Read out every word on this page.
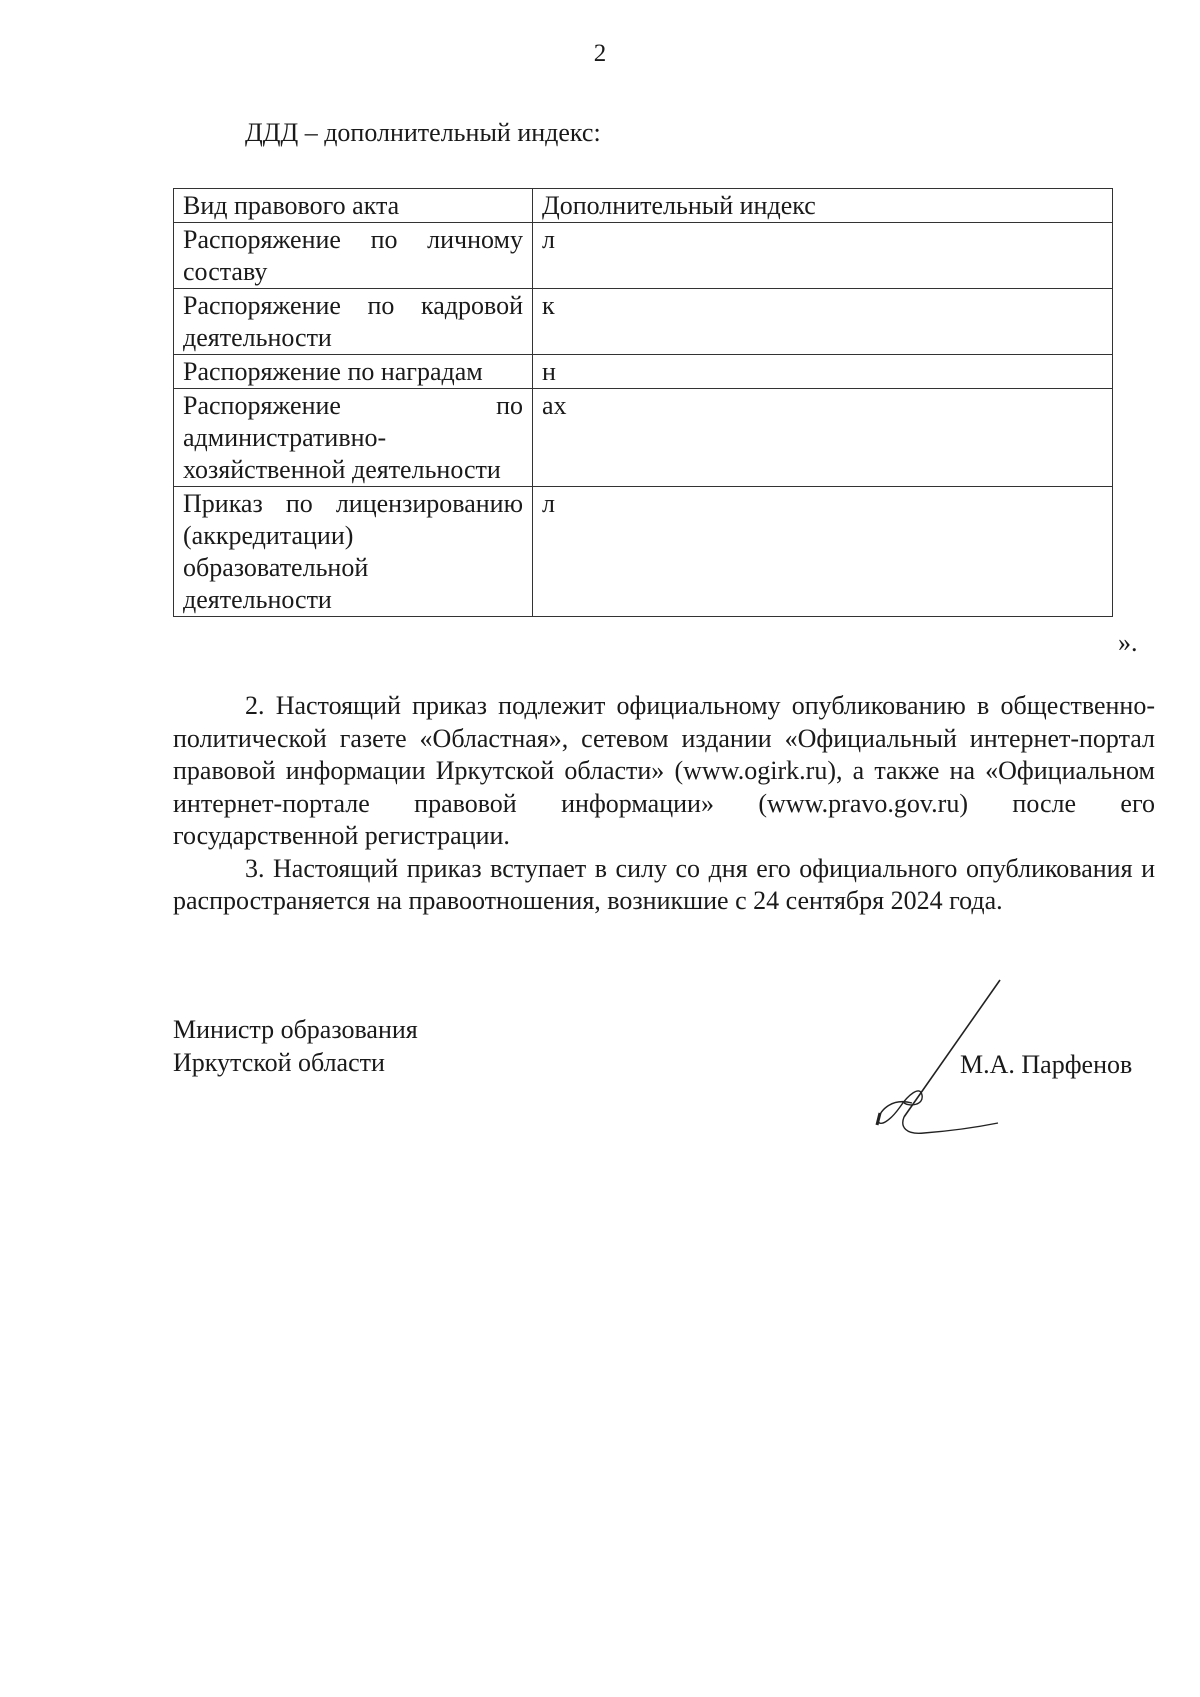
2
ДДД – дополнительный индекс:
Вид правового акта	Дополнительный индекс

Распоряжение по личному
составу	л

Распоряжение по кадровой
деятельности	к

Распоряжение по наградам	н

Распоряжение по
административно-хозяйственной деятельности	ах

Приказ по лицензированию
(аккредитации) образовательной деятельности	л
».

2. Настоящий приказ подлежит официальному опубликованию в общественно-политической газете «Областная», сетевом издании «Официальный интернет-портал правовой информации Иркутской области» (www.ogirk.ru), а также на «Официальном интернет-портале правовой информации» (www.pravo.gov.ru) после его государственной регистрации.

3. Настоящий приказ вступает в силу со дня его официального опубликования и распространяется на правоотношения, возникшие с 24 сентября 2024 года.

Министр образования
Иркутской области	М.А. Парфенов
